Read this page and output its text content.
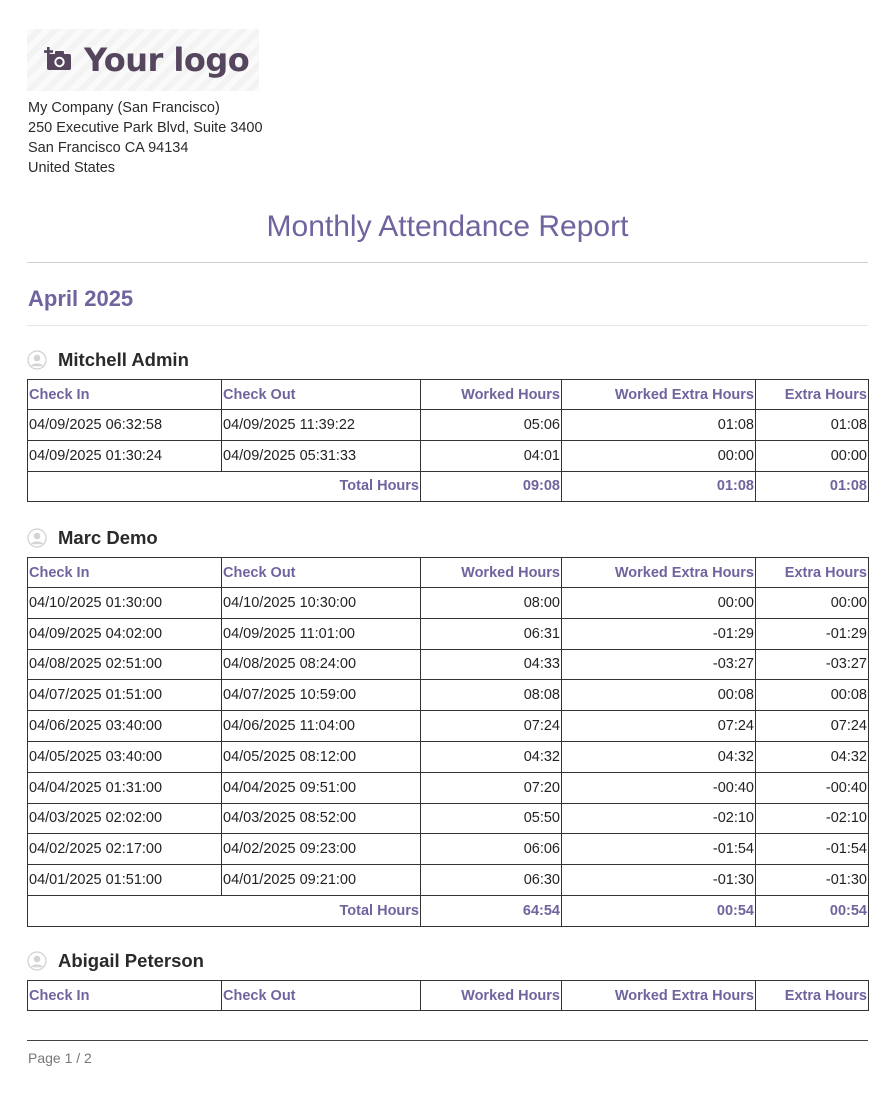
Your logo
My Company (San Francisco)
250 Executive Park Blvd, Suite 3400
San Francisco CA 94134
United States
Monthly Attendance Report
April 2025
Mitchell Admin
Check In	Check Out	Worked Hours	Worked Extra Hours	Extra Hours
04/09/2025 06:32:58	04/09/2025 11:39:22	05:06	01:08	01:08
04/09/2025 01:30:24	04/09/2025 05:31:33	04:01	00:00	00:00
Total Hours		09:08	01:08	01:08
Marc Demo
Check In	Check Out	Worked Hours	Worked Extra Hours	Extra Hours
04/10/2025 01:30:00	04/10/2025 10:30:00	08:00	00:00	00:00
04/09/2025 04:02:00	04/09/2025 11:01:00	06:31	-01:29	-01:29
04/08/2025 02:51:00	04/08/2025 08:24:00	04:33	-03:27	-03:27
04/07/2025 01:51:00	04/07/2025 10:59:00	08:08	00:08	00:08
04/06/2025 03:40:00	04/06/2025 11:04:00	07:24	07:24	07:24
04/05/2025 03:40:00	04/05/2025 08:12:00	04:32	04:32	04:32
04/04/2025 01:31:00	04/04/2025 09:51:00	07:20	-00:40	-00:40
04/03/2025 02:02:00	04/03/2025 08:52:00	05:50	-02:10	-02:10
04/02/2025 02:17:00	04/02/2025 09:23:00	06:06	-01:54	-01:54
04/01/2025 01:51:00	04/01/2025 09:21:00	06:30	-01:30	-01:30
Total Hours		64:54	00:54	00:54
Abigail Peterson
Check In	Check Out	Worked Hours	Worked Extra Hours	Extra Hours
Page 1 / 2
